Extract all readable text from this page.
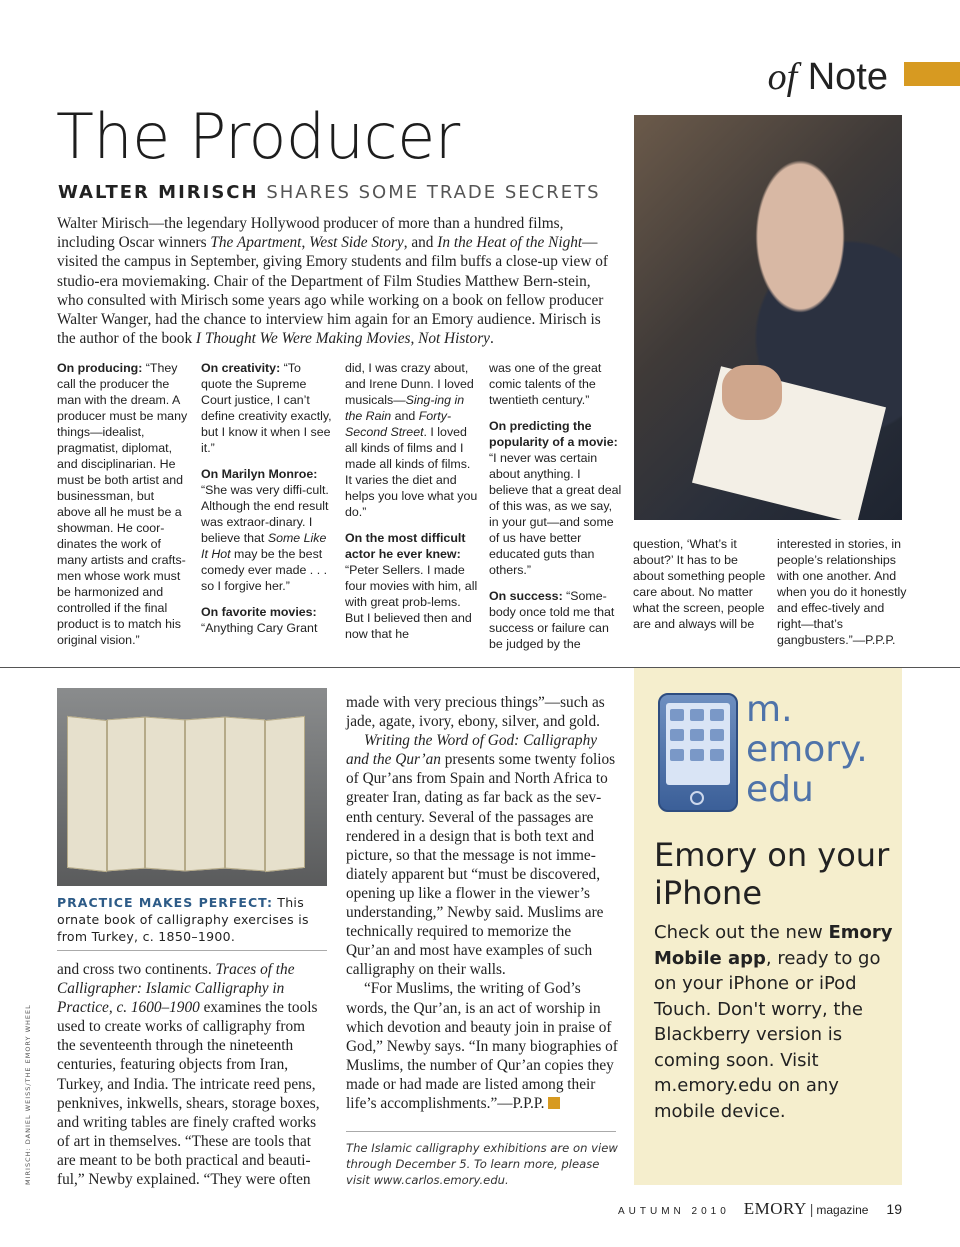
of Note
The Producer
WALTER MIRISCH SHARES SOME TRADE SECRETS
Walter Mirisch—the legendary Hollywood producer of more than a hundred films, including Oscar winners The Apartment, West Side Story, and In the Heat of the Night—visited the campus in September, giving Emory students and film buffs a close-up view of studio-era moviemaking. Chair of the Department of Film Studies Matthew Bern-stein, who consulted with Mirisch some years ago while working on a book on fellow producer Walter Wanger, had the chance to interview him again for an Emory audience. Mirisch is the author of the book I Thought We Were Making Movies, Not History.

On producing: “They call the producer the man with the dream. A producer must be many things—idealist, pragmatist, diplomat, and disciplinarian. He must be both artist and businessman, but above all he must be a showman. He coor-dinates the work of many artists and crafts-men whose work must be harmonized and controlled if the final product is to match his original vision.”

On creativity: “To quote the Supreme Court justice, I can’t define creativity exactly, but I know it when I see it.”

On Marilyn Monroe: “She was very diffi-cult. Although the end result was extraor-dinary. I believe that Some Like It Hot may be the best comedy ever made . . . so I forgive her.”

On favorite movies: “Anything Cary Grant

did, I was crazy about, and Irene Dunn. I loved musicals—Sing-ing in the Rain and Forty-Second Street. I loved all kinds of films and I made all kinds of films. It varies the diet and helps you love what you do.”

On the most difficult actor he ever knew: “Peter Sellers. I made four movies with him, all with great prob-lems. But I believed then and now that he

was one of the great comic talents of the twentieth century.”

On predicting the popularity of a movie: “I never was certain about anything. I believe that a great deal of this was, as we say, in your gut—and some of us have better educated guts than others.”

On success: “Some-body once told me that success or failure can be judged by the

question, ‘What’s it about?’ It has to be about something people care about. No matter what the screen, people are and always will be

interested in stories, in people’s relationships with one another. And when you do it honestly and effec-tively and right—that’s gangbusters.”—P.P.P.

PRACTICE MAKES PERFECT: This ornate book of calligraphy exercises is from Turkey, c. 1850–1900.
and cross two continents. Traces of the Calligrapher: Islamic Calligraphy in Practice, c. 1600–1900 examines the tools used to create works of calligraphy from the seventeenth through the nineteenth centuries, featuring objects from Iran, Turkey, and India. The intricate reed pens, penknives, inkwells, shears, storage boxes, and writing tables are finely crafted works of art in themselves. “These are tools that are meant to be both practical and beauti-ful,” Newby explained. “They were often
made with very precious things”—such as jade, agate, ivory, ebony, silver, and gold.
Writing the Word of God: Calligraphy and the Qur’an presents some twenty folios of Qur’ans from Spain and North Africa to greater Iran, dating as far back as the sev-enth century. Several of the passages are rendered in a design that is both text and picture, so that the message is not imme-diately apparent but “must be discovered, opening up like a flower in the viewer’s understanding,” Newby said. Muslims are technically required to memorize the Qur’an and most have examples of such calligraphy on their walls.
“For Muslims, the writing of God’s words, the Qur’an, is an act of worship in which devotion and beauty join in praise of God,” Newby says. “In many biographies of Muslims, the number of Qur’an copies they made or had made are listed among their life’s accomplishments.”—P.P.P.
The Islamic calligraphy exhibitions are on view through December 5. To learn more, please visit www.carlos.emory.edu.
MIRISCH: DANIEL WEISS/THE EMORY WHEEL
m.
emory.
edu
Emory on your iPhone
Check out the new Emory Mobile app, ready to go on your iPhone or iPod Touch. Don't worry, the Blackberry version is coming soon. Visit m.emory.edu on any mobile device.
AUTUMN 2010 EMORY | magazine 19
